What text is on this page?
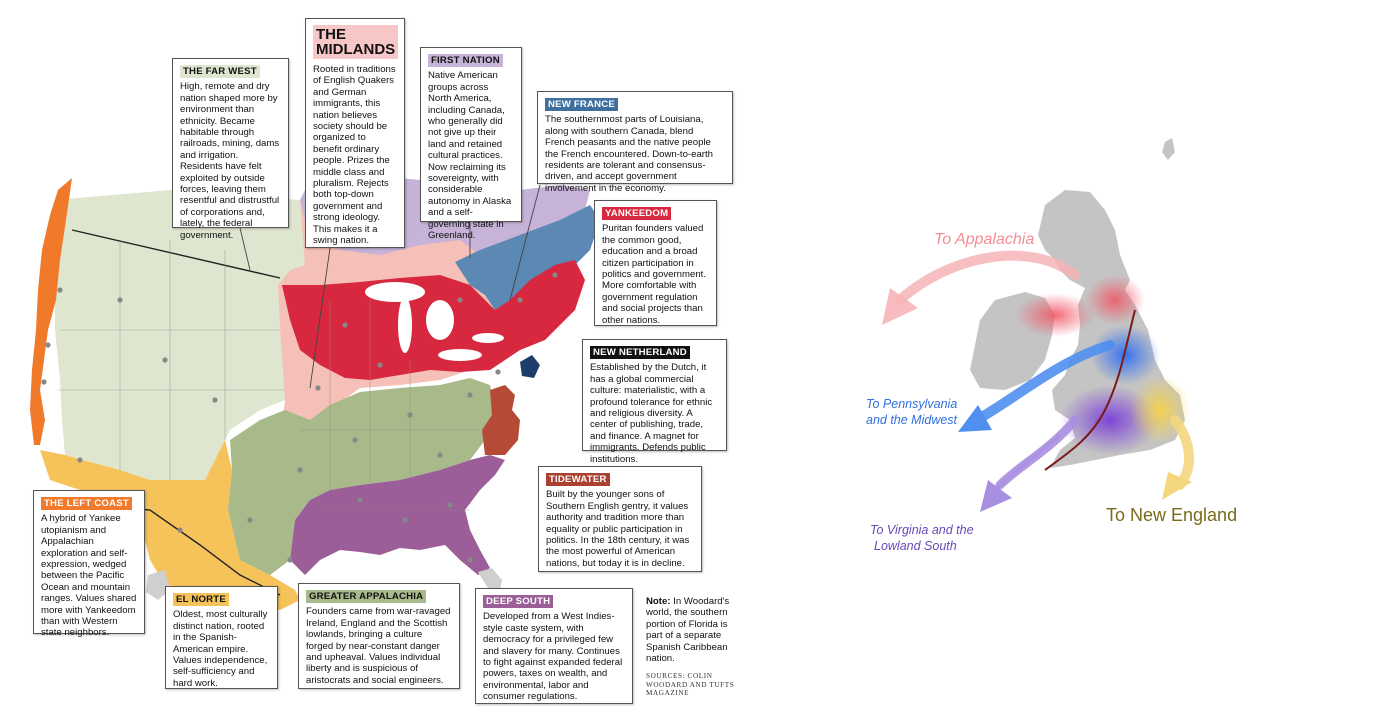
THE FAR WEST
High, remote and dry nation shaped more by environment than ethnicity. Became habitable through railroads, mining, dams and irrigation. Residents have felt exploited by outside forces, leaving them resentful and distrustful of corporations and, lately, the federal government.
THE MIDLANDS
Rooted in traditions of English Quakers and German immigrants, this nation believes society should be organized to benefit ordinary people. Prizes the middle class and pluralism. Rejects both top-down government and strong ideology. This makes it a swing nation.
FIRST NATION
Native American groups across North America, including Canada, who generally did not give up their land and retained cultural practices. Now reclaiming its sovereignty, with considerable autonomy in Alaska and a self-governing state in Greenland.
NEW FRANCE
The southernmost parts of Louisiana, along with southern Canada, blend French peasants and the native people the French encountered. Down-to-earth residents are tolerant and consensus-driven, and accept government involvement in the economy.
YANKEEDOM
Puritan founders valued the common good, education and a broad citizen participation in politics and government. More comfortable with government regulation and social projects than other nations.
NEW NETHERLAND
Established by the Dutch, it has a global commercial culture: materialistic, with a profound tolerance for ethnic and religious diversity. A center of publishing, trade, and finance. A magnet for immigrants. Defends public institutions.
TIDEWATER
Built by the younger sons of Southern English gentry, it values authority and tradition more than equality or public participation in politics. In the 18th century, it was the most powerful of American nations, but today it is in decline.
THE LEFT COAST
A hybrid of Yankee utopianism and Appalachian exploration and self-expression, wedged between the Pacific Ocean and mountain ranges. Values shared more with Yankeedom than with Western state neighbors.
EL NORTE
Oldest, most culturally distinct nation, rooted in the Spanish-American empire. Values independence, self-sufficiency and hard work.
GREATER APPALACHIA
Founders came from war-ravaged Ireland, England and the Scottish lowlands, bringing a culture forged by near-constant danger and upheaval. Values individual liberty and is suspicious of aristocrats and social engineers.
DEEP SOUTH
Developed from a West Indies-style caste system, with democracy for a privileged few and slavery for many. Continues to fight against expanded federal powers, taxes on wealth, and environmental, labor and consumer regulations.
Note: In Woodard's world, the southern portion of Florida is part of a separate Spanish Caribbean nation.
SOURCES: COLIN WOODARD AND TUFTS MAGAZINE
To Appalachia
To Pennsylvania
and the Midwest
To Virginia and the
Lowland South
To New England
